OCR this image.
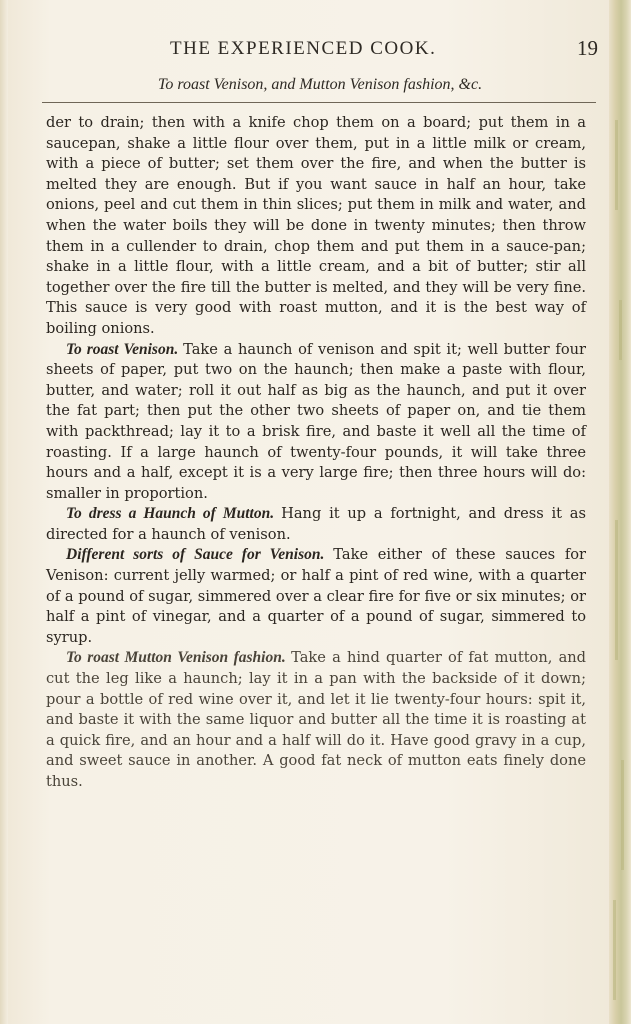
THE EXPERIENCED COOK.	19
To roast Venison, and Mutton Venison fashion, &c.

der to drain; then with a knife chop them on a board; put them in a saucepan, shake a little flour over them, put in a little milk or cream, with a piece of butter; set them over the fire, and when the butter is melted they are enough. But if you want sauce in half an hour, take onions, peel and cut them in thin slices; put them in milk and water, and when the water boils they will be done in twenty minutes; then throw them in a cullender to drain, chop them and put them in a sauce-pan; shake in a little flour, with a little cream, and a bit of butter; stir all together over the fire till the butter is melted, and they will be very fine. This sauce is very good with roast mutton, and it is the best way of boiling onions.

To roast Venison. Take a haunch of venison and spit it; well butter four sheets of paper, put two on the haunch; then make a paste with flour, butter, and water; roll it out half as big as the haunch, and put it over the fat part; then put the other two sheets of paper on, and tie them with packthread; lay it to a brisk fire, and baste it well all the time of roasting. If a large haunch of twenty-four pounds, it will take three hours and a half, except it is a very large fire; then three hours will do: smaller in proportion.

To dress a Haunch of Mutton. Hang it up a fortnight, and dress it as directed for a haunch of venison.

Different sorts of Sauce for Venison. Take either of these sauces for Venison: current jelly warmed; or half a pint of red wine, with a quarter of a pound of sugar, simmered over a clear fire for five or six minutes; or half a pint of vinegar, and a quarter of a pound of sugar, simmered to syrup.

To roast Mutton Venison fashion. Take a hind quarter of fat mutton, and cut the leg like a haunch; lay it in a pan with the backside of it down; pour a bottle of red wine over it, and let it lie twenty-four hours: spit it, and baste it with the same liquor and butter all the time it is roasting at a quick fire, and an hour and a half will do it. Have good gravy in a cup, and sweet sauce in another. A good fat neck of mutton eats finely done thus.
